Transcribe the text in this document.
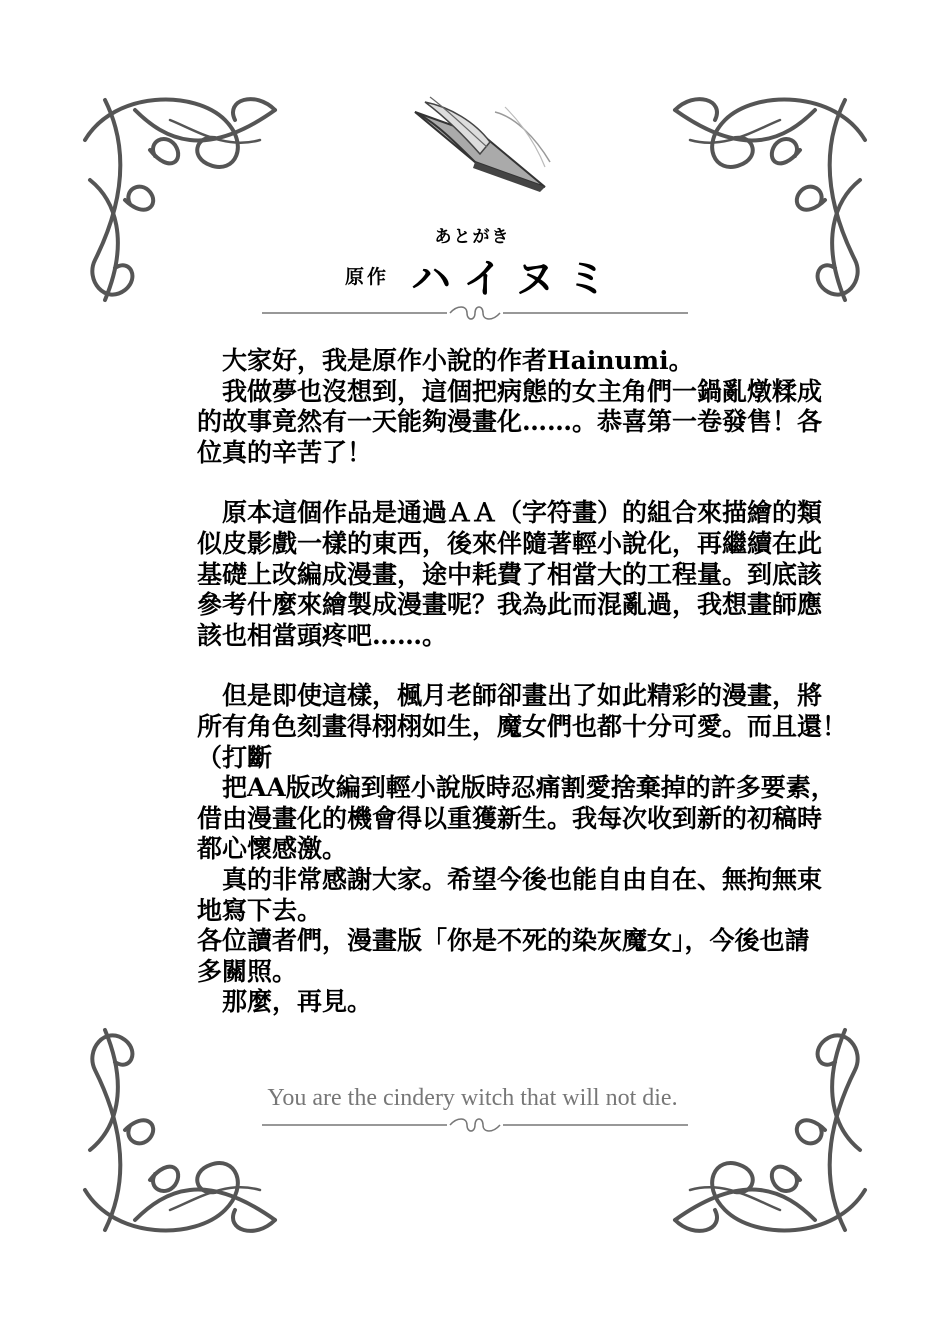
あとがき
原作 ハイヌミ

　大家好，我是原作小說的作者Hainumi。

　我做夢也沒想到，這個把病態的女主角們一鍋亂燉糅成

的故事竟然有一天能夠漫畫化……。恭喜第一卷發售！各

位真的辛苦了！

　原本這個作品是通過ＡＡ（字符畫）的組合來描繪的類

似皮影戲一樣的東西，後來伴隨著輕小說化，再繼續在此

基礎上改編成漫畫，途中耗費了相當大的工程量。到底該

參考什麼來繪製成漫畫呢？我為此而混亂過，我想畫師應

該也相當頭疼吧……。

　但是即使這樣，楓月老師卻畫出了如此精彩的漫畫，將

所有角色刻畫得栩栩如生，魔女們也都十分可愛。而且還！

（打斷

　把AA版改編到輕小說版時忍痛割愛捨棄掉的許多要素，

借由漫畫化的機會得以重獲新生。我每次收到新的初稿時

都心懷感激。

　真的非常感謝大家。希望今後也能自由自在、無拘無束

地寫下去。

各位讀者們，漫畫版「你是不死的染灰魔女」，今後也請

多關照。

　那麼，再見。

You are the cindery witch that will not die.
